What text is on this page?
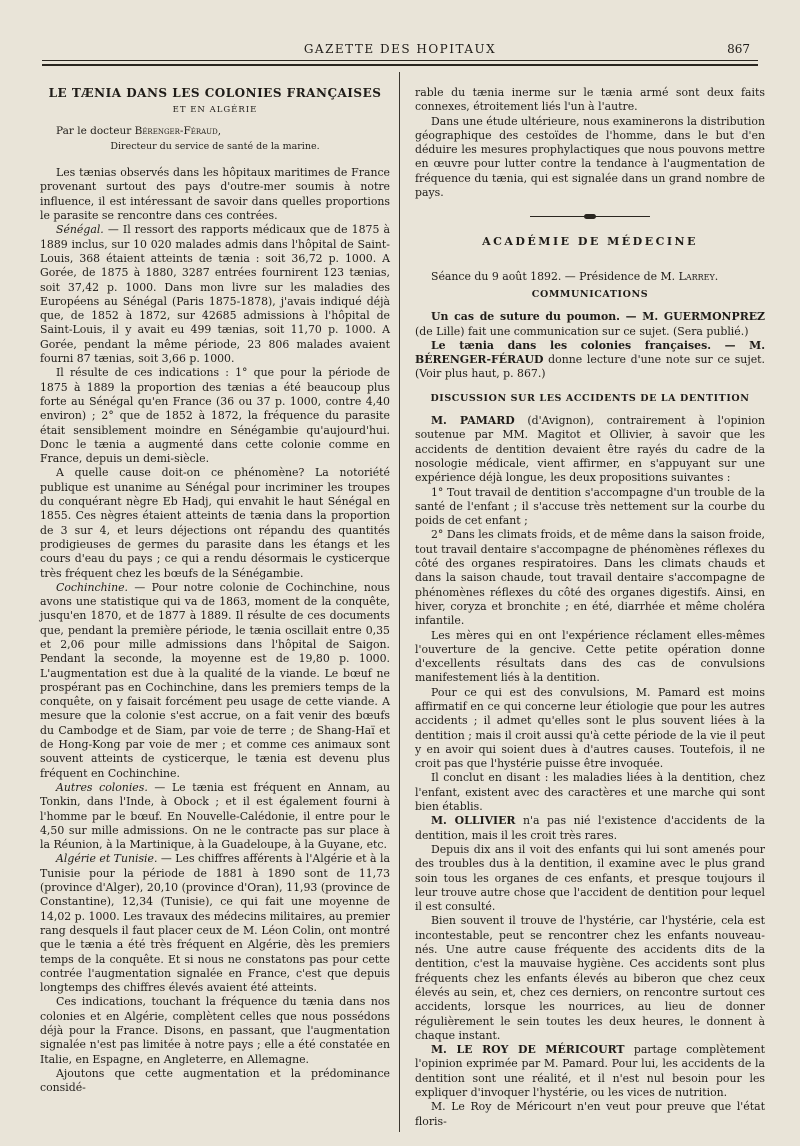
GAZETTE DES HOPITAUX	867
LE TÆNIA DANS LES COLONIES FRANÇAISES
ET EN ALGÉRIE

Par le docteur Bérenger-Féraud,

Directeur du service de santé de la marine.

Les tænias observés dans les hôpitaux maritimes de France provenant surtout des pays d'outre-mer soumis à notre influence, il est intéressant de savoir dans quelles proportions le parasite se rencontre dans ces contrées.

Sénégal. — Il ressort des rapports médicaux que de 1875 à 1889 inclus, sur 10 020 malades admis dans l'hôpital de Saint-Louis, 368 étaient atteints de tænia : soit 36,72 p. 1000. A Gorée, de 1875 à 1880, 3287 entrées fournirent 123 tænias, soit 37,42 p. 1000. Dans mon livre sur les maladies des Européens au Sénégal (Paris 1875-1878), j'avais indiqué déjà que, de 1852 à 1872, sur 42685 admissions à l'hôpital de Saint-Louis, il y avait eu 499 tænias, soit 11,70 p. 1000. A Gorée, pendant la même période, 23 806 malades avaient fourni 87 tænias, soit 3,66 p. 1000.

Il résulte de ces indications : 1° que pour la période de 1875 à 1889 la proportion des tænias a été beaucoup plus forte au Sénégal qu'en France (36 ou 37 p. 1000, contre 4,40 environ) ; 2° que de 1852 à 1872, la fréquence du parasite était sensiblement moindre en Sénégambie qu'aujourd'hui. Donc le tænia a augmenté dans cette colonie comme en France, depuis un demi-siècle.

A quelle cause doit-on ce phénomène? La notoriété publique est unanime au Sénégal pour incriminer les troupes du conquérant nègre Eb Hadj, qui envahit le haut Sénégal en 1855. Ces nègres étaient atteints de tænia dans la proportion de 3 sur 4, et leurs déjections ont répandu des quantités prodigieuses de germes du parasite dans les étangs et les cours d'eau du pays ; ce qui a rendu désormais le cysticerque très fréquent chez les bœufs de la Sénégambie.

Cochinchine. — Pour notre colonie de Cochinchine, nous avons une statistique qui va de 1863, moment de la conquête, jusqu'en 1870, et de 1877 à 1889. Il résulte de ces documents que, pendant la première période, le tænia oscillait entre 0,35 et 2,06 pour mille admissions dans l'hôpital de Saigon. Pendant la seconde, la moyenne est de 19,80 p. 1000. L'augmentation est due à la qualité de la viande. Le bœuf ne prospérant pas en Cochinchine, dans les premiers temps de la conquête, on y faisait forcément peu usage de cette viande. A mesure que la colonie s'est accrue, on a fait venir des bœufs du Cambodge et de Siam, par voie de terre ; de Shang-Haï et de Hong-Kong par voie de mer ; et comme ces animaux sont souvent atteints de cysticerque, le tænia est devenu plus fréquent en Cochinchine.

Autres colonies. — Le tænia est fréquent en Annam, au Tonkin, dans l'Inde, à Obock ; et il est également fourni à l'homme par le bœuf. En Nouvelle-Calédonie, il entre pour le 4,50 sur mille admissions. On ne le contracte pas sur place à la Réunion, à la Martinique, à la Guadeloupe, à la Guyane, etc.

Algérie et Tunisie. — Les chiffres afférents à l'Algérie et à la Tunisie pour la période de 1881 à 1890 sont de 11,73 (province d'Alger), 20,10 (province d'Oran), 11,93 (province de Constantine), 12,34 (Tunisie), ce qui fait une moyenne de 14,02 p. 1000. Les travaux des médecins militaires, au premier rang desquels il faut placer ceux de M. Léon Colin, ont montré que le tænia a été très fréquent en Algérie, dès les premiers temps de la conquête. Et si nous ne constatons pas pour cette contrée l'augmentation signalée en France, c'est que depuis longtemps des chiffres élevés avaient été atteints.

Ces indications, touchant la fréquence du tænia dans nos colonies et en Algérie, complètent celles que nous possédons déjà pour la France. Disons, en passant, que l'augmentation signalée n'est pas limitée à notre pays ; elle a été constatée en Italie, en Espagne, en Angleterre, en Allemagne.

Ajoutons que cette augmentation et la prédominance considé-

rable du tænia inerme sur le tænia armé sont deux faits connexes, étroitement liés l'un à l'autre.

Dans une étude ultérieure, nous examinerons la distribution géographique des cestoïdes de l'homme, dans le but d'en déduire les mesures prophylactiques que nous pouvons mettre en œuvre pour lutter contre la tendance à l'augmentation de fréquence du tænia, qui est signalée dans un grand nombre de pays.

ACADÉMIE DE MÉDECINE

Séance du 9 août 1892. — Présidence de M. Larrey.

COMMUNICATIONS

Un cas de suture du poumon. — M. GUERMONPREZ (de Lille) fait une communication sur ce sujet. (Sera publié.)

Le tænia dans les colonies françaises. — M. BÉRENGER-FÉRAUD donne lecture d'une note sur ce sujet. (Voir plus haut, p. 867.)

DISCUSSION SUR LES ACCIDENTS DE LA DENTITION

M. PAMARD (d'Avignon), contrairement à l'opinion soutenue par MM. Magitot et Ollivier, à savoir que les accidents de dentition devaient être rayés du cadre de la nosologie médicale, vient affirmer, en s'appuyant sur une expérience déjà longue, les deux propositions suivantes :

1° Tout travail de dentition s'accompagne d'un trouble de la santé de l'enfant ; il s'accuse très nettement sur la courbe du poids de cet enfant ;

2° Dans les climats froids, et de même dans la saison froide, tout travail dentaire s'accompagne de phénomènes réflexes du côté des organes respiratoires. Dans les climats chauds et dans la saison chaude, tout travail dentaire s'accompagne de phénomènes réflexes du côté des organes digestifs. Ainsi, en hiver, coryza et bronchite ; en été, diarrhée et même choléra infantile.

Les mères qui en ont l'expérience réclament elles-mêmes l'ouverture de la gencive. Cette petite opération donne d'excellents résultats dans des cas de convulsions manifestement liés à la dentition.

Pour ce qui est des convulsions, M. Pamard est moins affirmatif en ce qui concerne leur étiologie que pour les autres accidents ; il admet qu'elles sont le plus souvent liées à la dentition ; mais il croit aussi qu'à cette période de la vie il peut y en avoir qui soient dues à d'autres causes. Toutefois, il ne croit pas que l'hystérie puisse être invoquée.

Il conclut en disant : les maladies liées à la dentition, chez l'enfant, existent avec des caractères et une marche qui sont bien établis.

M. OLLIVIER n'a pas nié l'existence d'accidents de la dentition, mais il les croit très rares.

Depuis dix ans il voit des enfants qui lui sont amenés pour des troubles dus à la dentition, il examine avec le plus grand soin tous les organes de ces enfants, et presque toujours il leur trouve autre chose que l'accident de dentition pour lequel il est consulté.

Bien souvent il trouve de l'hystérie, car l'hystérie, cela est incontestable, peut se rencontrer chez les enfants nouveau-nés. Une autre cause fréquente des accidents dits de la dentition, c'est la mauvaise hygiène. Ces accidents sont plus fréquents chez les enfants élevés au biberon que chez ceux élevés au sein, et, chez ces derniers, on rencontre surtout ces accidents, lorsque les nourrices, au lieu de donner régulièrement le sein toutes les deux heures, le donnent à chaque instant.

M. LE ROY DE MÉRICOURT partage complètement l'opinion exprimée par M. Pamard. Pour lui, les accidents de la dentition sont une réalité, et il n'est nul besoin pour les expliquer d'invoquer l'hystérie, ou les vices de nutrition.

M. Le Roy de Méricourt n'en veut pour preuve que l'état floris-
